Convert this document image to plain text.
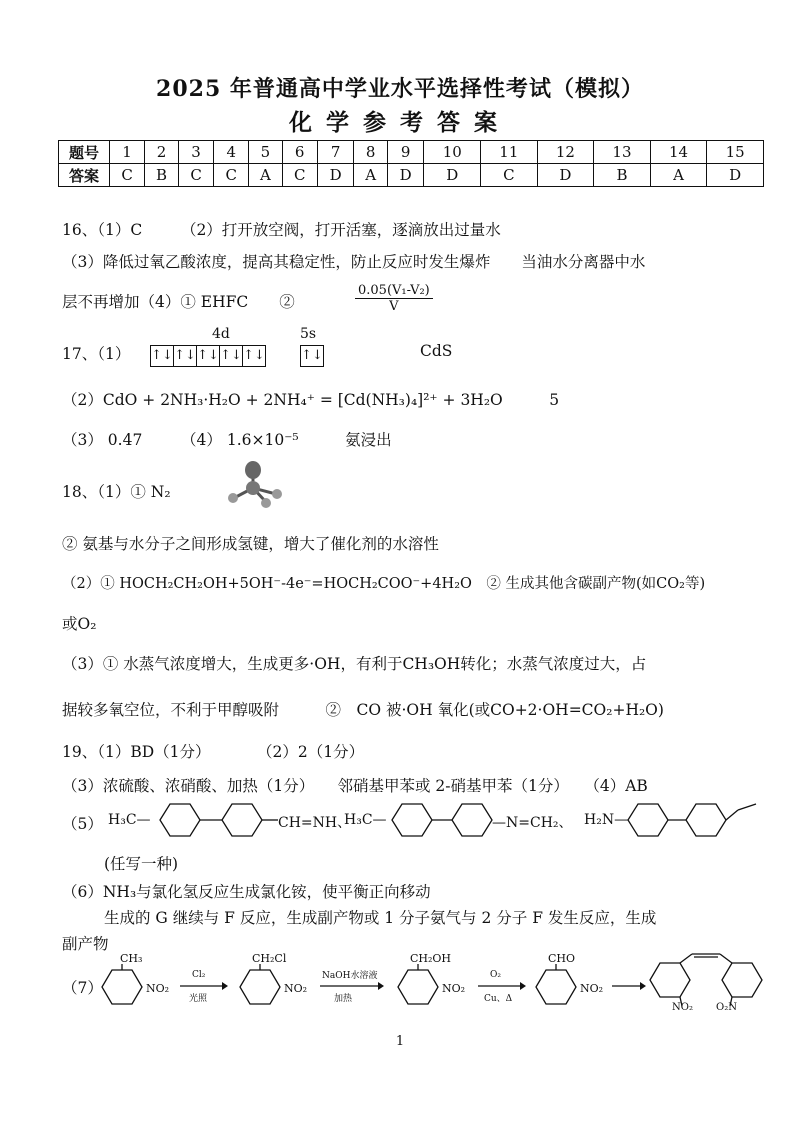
2025 年普通高中学业水平选择性考试（模拟）
化学参考答案
题号	1	2	3	4	5	6	7	8	9	10	11	12	13	14	15
答案	C	B	C	C	A	C	D	A	D	D	C	D	B	A	D
16、（1）C　　　（2）打开放空阀，打开活塞，逐滴放出过量水
（3）降低过氧乙酸浓度，提高其稳定性，防止反应时发生爆炸　　当油水分离器中水
层不再增加（4）① EHFC　　②	$\frac{\text{0.05(V₁-V₂)}}{V}$
4d	5s
17、（1） ↑↓ ↑↓ ↑↓ ↑↓ ↑↓	↑↓	CdS
（2）CdO + 2NH₃·H₂O + 2NH₄⁺ = [Cd(NH₃)₄]²⁺ + 3H₂O　　　5
（3） 0.47　　　（4） 1.6×10⁻⁵　　　氨浸出
18、（1）① N₂
② 氨基与水分子之间形成氢键，增大了催化剂的水溶性
（2）① HOCH₂CH₂OH+5OH⁻-4e⁻=HOCH₂COO⁻+4H₂O　② 生成其他含碳副产物(如CO₂等)
或O₂
（3）① 水蒸气浓度增大，生成更多·OH，有利于CH₃OH转化；水蒸气浓度过大，占
据较多氧空位，不利于甲醇吸附　　　②　CO 被·OH 氧化(或CO+2·OH=CO₂+H₂O)
19、（1）BD（1分）　　　　（2）2（1分）
（3）浓硫酸、浓硝酸、加热（1分）　　邻硝基甲苯或 2-硝基甲苯（1分）　　（4）AB
（5） H₃C—	CH=NH、
H₃C—	—N=CH₂、 H₂N—
(任写一种)
（6）NH₃与氯化氢反应生成氯化铵，使平衡正向移动
生成的 G 继续与 F 反应，生成副产物或 1 分子氨气与 2 分子 F 发生反应，生成
副产物
（7）
CH₃
NO₂
Cl₂
光照
CH₂Cl
NO₂
NaOH水溶液
加热
CH₂OH
NO₂
O₂
Cu、Δ
CHO
NO₂ →
NO₂ O₂N
1
